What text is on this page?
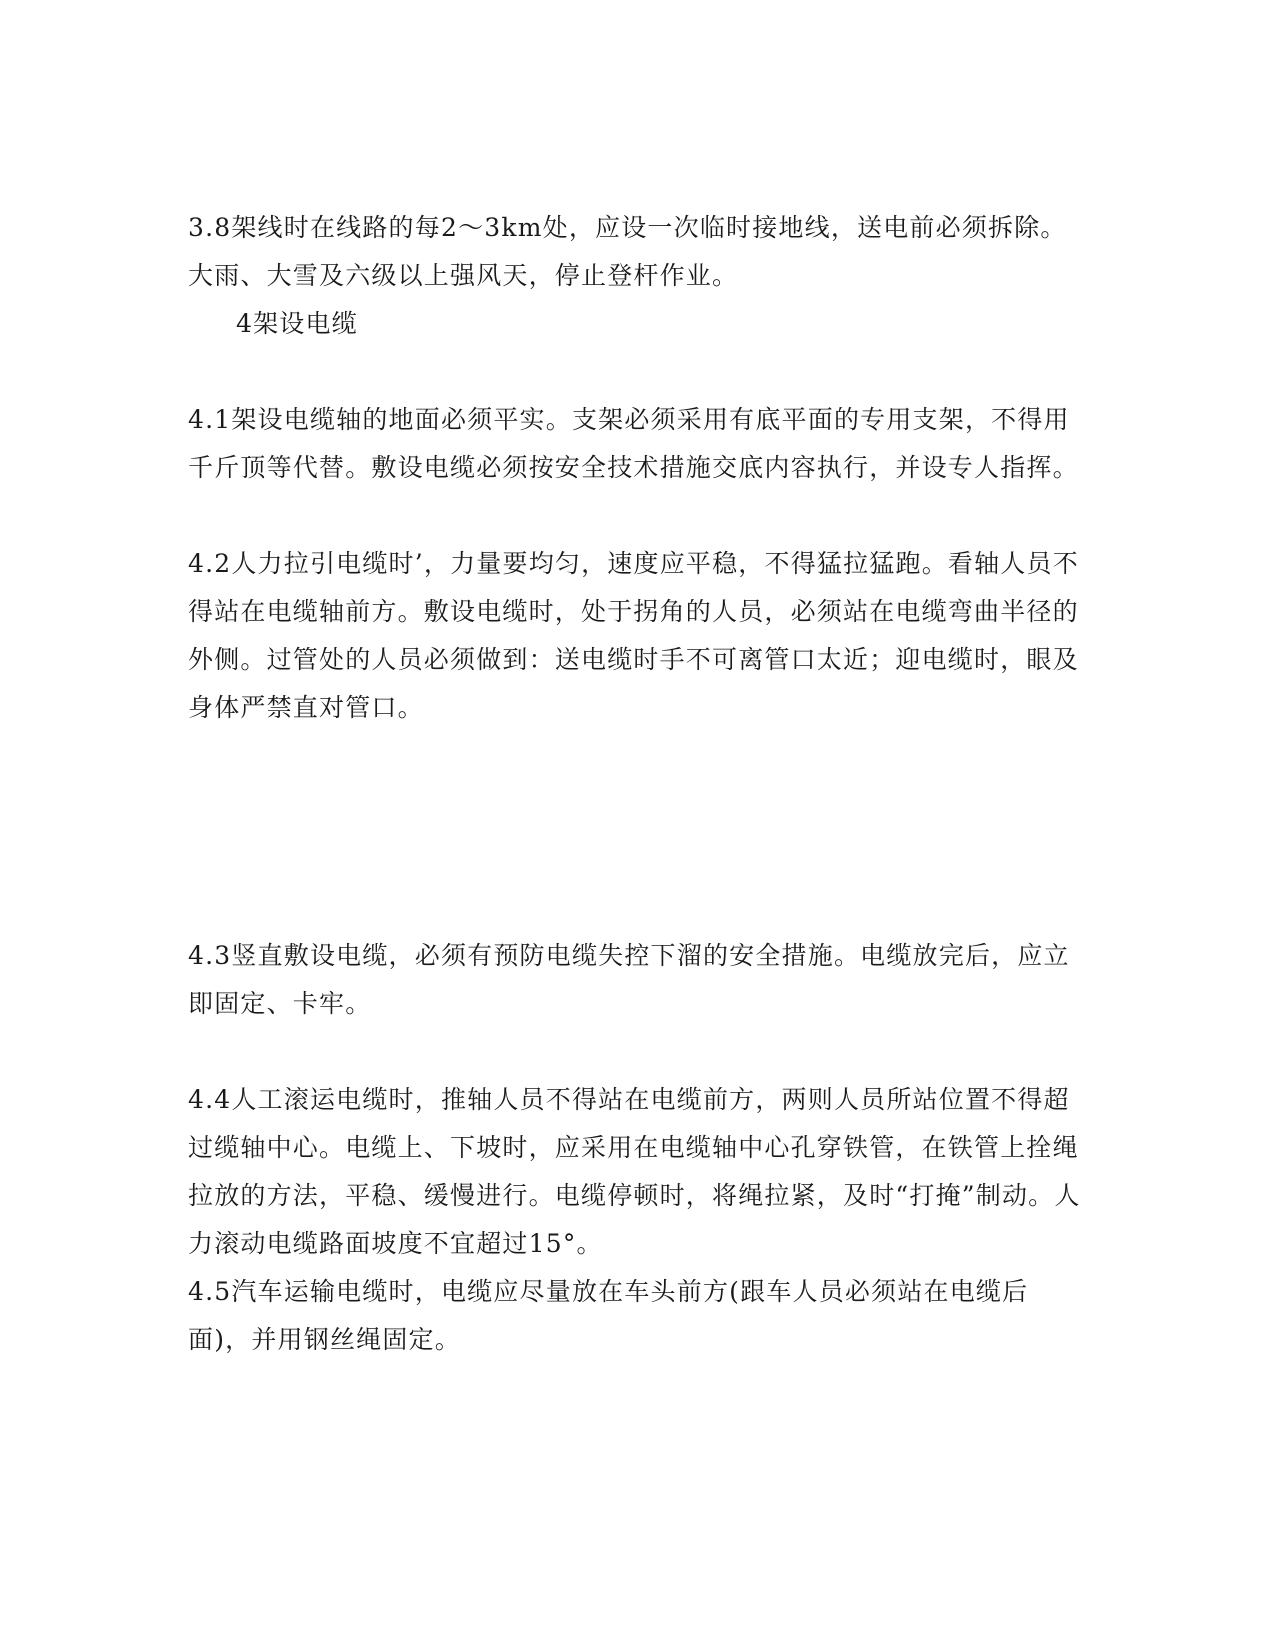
3.8架线时在线路的每2～3km处，应设一次临时接地线，送电前必须拆除。大雨、大雪及六级以上强风天，停止登杆作业。

4架设电缆

4.1架设电缆轴的地面必须平实。支架必须采用有底平面的专用支架，不得用千斤顶等代替。敷设电缆必须按安全技术措施交底内容执行，并设专人指挥。

4.2人力拉引电缆时’，力量要均匀，速度应平稳，不得猛拉猛跑。看轴人员不得站在电缆轴前方。敷设电缆时，处于拐角的人员，必须站在电缆弯曲半径的外侧。过管处的人员必须做到：送电缆时手不可离管口太近；迎电缆时，眼及身体严禁直对管口。

4.3竖直敷设电缆，必须有预防电缆失控下溜的安全措施。电缆放完后，应立即固定、卡牢。

4.4人工滚运电缆时，推轴人员不得站在电缆前方，两则人员所站位置不得超过缆轴中心。电缆上、下坡时，应采用在电缆轴中心孔穿铁管，在铁管上拴绳拉放的方法，平稳、缓慢进行。电缆停顿时，将绳拉紧，及时“打掩”制动。人力滚动电缆路面坡度不宜超过15°。

4.5汽车运输电缆时，电缆应尽量放在车头前方(跟车人员必须站在电缆后面)，并用钢丝绳固定。
